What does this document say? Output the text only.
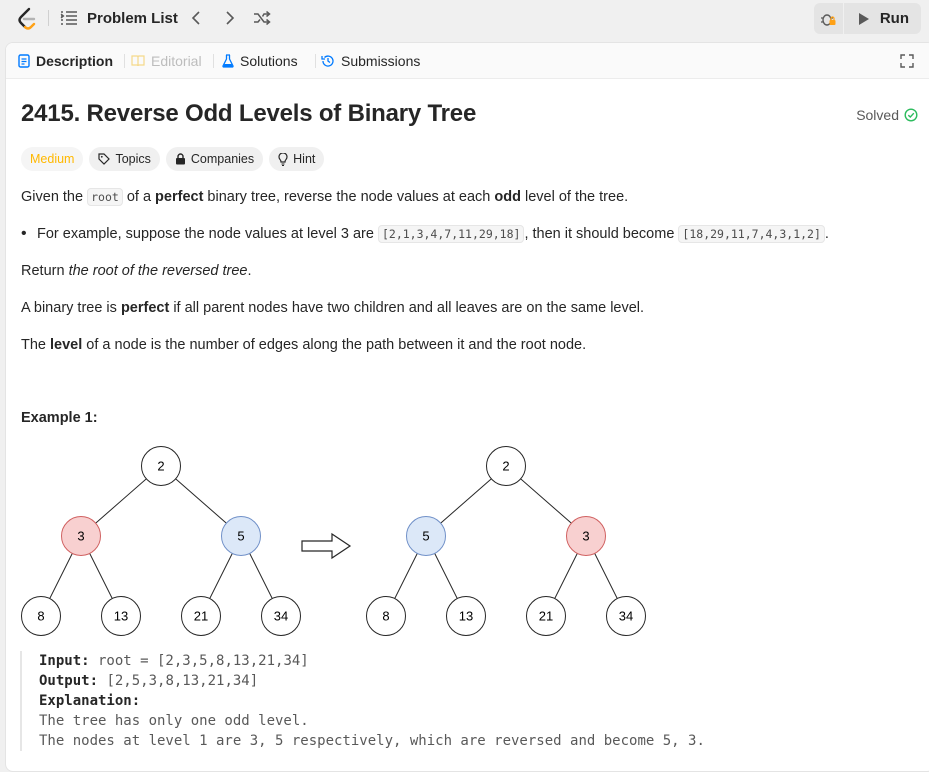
Problem List	Run
Description	Editorial	Solutions	Submissions
2415. Reverse Odd Levels of Binary Tree	Solved
Medium	Topics	Companies	Hint
Given the root of a perfect binary tree, reverse the node values at each odd level of the tree.
• For example, suppose the node values at level 3 are [2,1,3,4,7,11,29,18] , then it should become [18,29,11,7,4,3,1,2] .
Return the root of the reversed tree.
A binary tree is perfect if all parent nodes have two children and all leaves are on the same level.
The level of a node is the number of edges along the path between it and the root node.
Example 1:
2
3	5
8	13	21	34
2
5	3
8	13	21	34
Input: root = [2,3,5,8,13,21,34]
Output: [2,5,3,8,13,21,34]
Explanation:
The tree has only one odd level.
The nodes at level 1 are 3, 5 respectively, which are reversed and become 5, 3.
